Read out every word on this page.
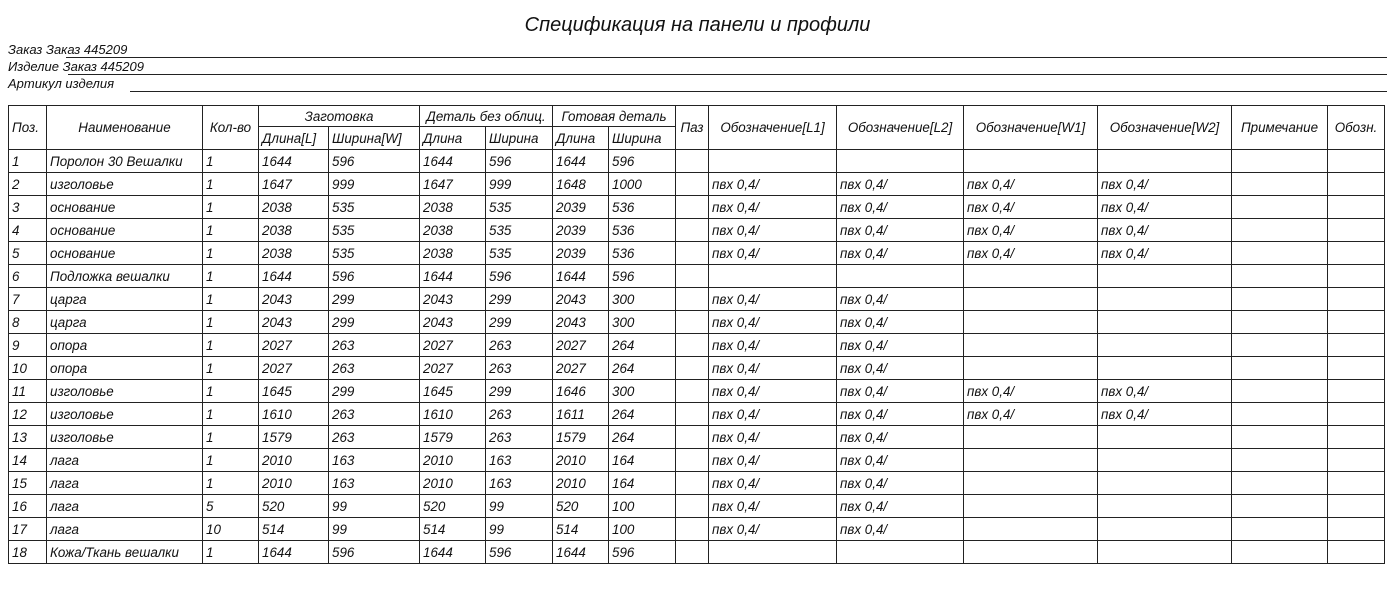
Спецификация на панели и профили
Заказ Заказ 445209
Изделие Заказ 445209
Артикул изделия
Поз.	Наименование	Кол-во	Заготовка		Деталь без облиц.		Готовая деталь		Паз	Обозначение[L1]	Обозначение[L2]	Обозначение[W1]	Обозначение[W2]	Примечание	Обозн.
			Длина[L]	Ширина[W]	Длина	Ширина	Длина	Ширина							
1	Поролон 30 Вешалки	1	1644	596	1644	596	1644	596							
2	изголовье	1	1647	999	1647	999	1648	1000		пвх 0,4/	пвх 0,4/	пвх 0,4/	пвх 0,4/		
3	основание	1	2038	535	2038	535	2039	536		пвх 0,4/	пвх 0,4/	пвх 0,4/	пвх 0,4/		
4	основание	1	2038	535	2038	535	2039	536		пвх 0,4/	пвх 0,4/	пвх 0,4/	пвх 0,4/		
5	основание	1	2038	535	2038	535	2039	536		пвх 0,4/	пвх 0,4/	пвх 0,4/	пвх 0,4/		
6	Подложка вешалки	1	1644	596	1644	596	1644	596							
7	царга	1	2043	299	2043	299	2043	300		пвх 0,4/	пвх 0,4/				
8	царга	1	2043	299	2043	299	2043	300		пвх 0,4/	пвх 0,4/				
9	опора	1	2027	263	2027	263	2027	264		пвх 0,4/	пвх 0,4/				
10	опора	1	2027	263	2027	263	2027	264		пвх 0,4/	пвх 0,4/				
11	изголовье	1	1645	299	1645	299	1646	300		пвх 0,4/	пвх 0,4/	пвх 0,4/	пвх 0,4/		
12	изголовье	1	1610	263	1610	263	1611	264		пвх 0,4/	пвх 0,4/	пвх 0,4/	пвх 0,4/		
13	изголовье	1	1579	263	1579	263	1579	264		пвх 0,4/	пвх 0,4/				
14	лага	1	2010	163	2010	163	2010	164		пвх 0,4/	пвх 0,4/				
15	лага	1	2010	163	2010	163	2010	164		пвх 0,4/	пвх 0,4/				
16	лага	5	520	99	520	99	520	100		пвх 0,4/	пвх 0,4/				
17	лага	10	514	99	514	99	514	100		пвх 0,4/	пвх 0,4/				
18	Кожа/Ткань вешалки	1	1644	596	1644	596	1644	596							
